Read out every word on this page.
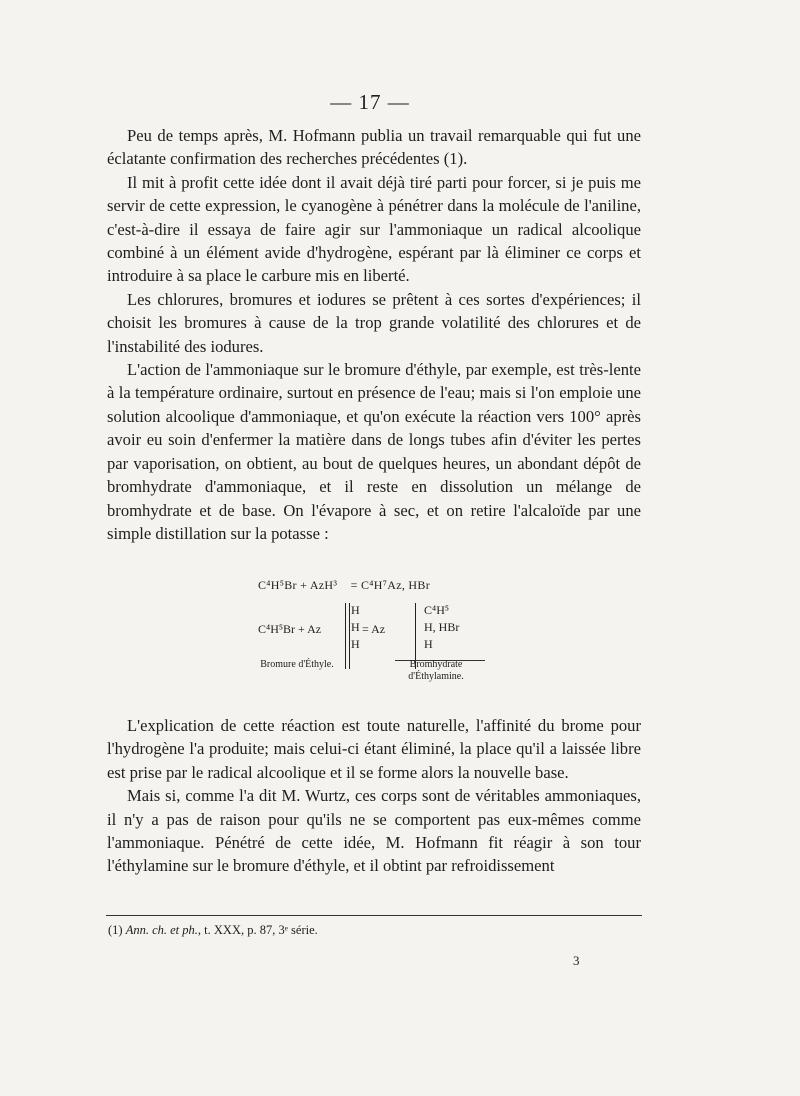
— 17 —

Peu de temps après, M. Hofmann publia un travail remarquable qui fut une éclatante confirmation des recherches précédentes (1).

Il mit à profit cette idée dont il avait déjà tiré parti pour forcer, si je puis me servir de cette expression, le cyanogène à pénétrer dans la molécule de l'aniline, c'est-à-dire il essaya de faire agir sur l'ammoniaque un radical alcoolique combiné à un élément avide d'hydrogène, espérant par là éliminer ce corps et introduire à sa place le carbure mis en liberté.

Les chlorures, bromures et iodures se prêtent à ces sortes d'expériences; il choisit les bromures à cause de la trop grande volatilité des chlorures et de l'instabilité des iodures.

L'action de l'ammoniaque sur le bromure d'éthyle, par exemple, est très-lente à la température ordinaire, surtout en présence de l'eau; mais si l'on emploie une solution alcoolique d'ammoniaque, et qu'on exécute la réaction vers 100° après avoir eu soin d'enfermer la matière dans de longs tubes afin d'éviter les pertes par vaporisation, on obtient, au bout de quelques heures, un abondant dépôt de bromhydrate d'ammoniaque, et il reste en dissolution un mélange de bromhydrate et de base. On l'évapore à sec, et on retire l'alcaloïde par une simple distillation sur la potasse :

C⁴H⁵Br + AzH³ = C⁴H⁷Az, HBr
C⁴H⁵Br + Az
H
H
H
= Az
C⁴H⁵
H, HBr
H
Bromure d'Éthyle.	Bromhydrate d'Éthylamine.

L'explication de cette réaction est toute naturelle, l'affinité du brome pour l'hydrogène l'a produite; mais celui-ci étant éliminé, la place qu'il a laissée libre est prise par le radical alcoolique et il se forme alors la nouvelle base.

Mais si, comme l'a dit M. Wurtz, ces corps sont de véritables ammoniaques, il n'y a pas de raison pour qu'ils ne se comportent pas eux-mêmes comme l'ammoniaque. Pénétré de cette idée, M. Hofmann fit réagir à son tour l'éthylamine sur le bromure d'éthyle, et il obtint par refroidissement

(1) Ann. ch. et ph., t. XXX, p. 87, 3ᵉ série.
3
